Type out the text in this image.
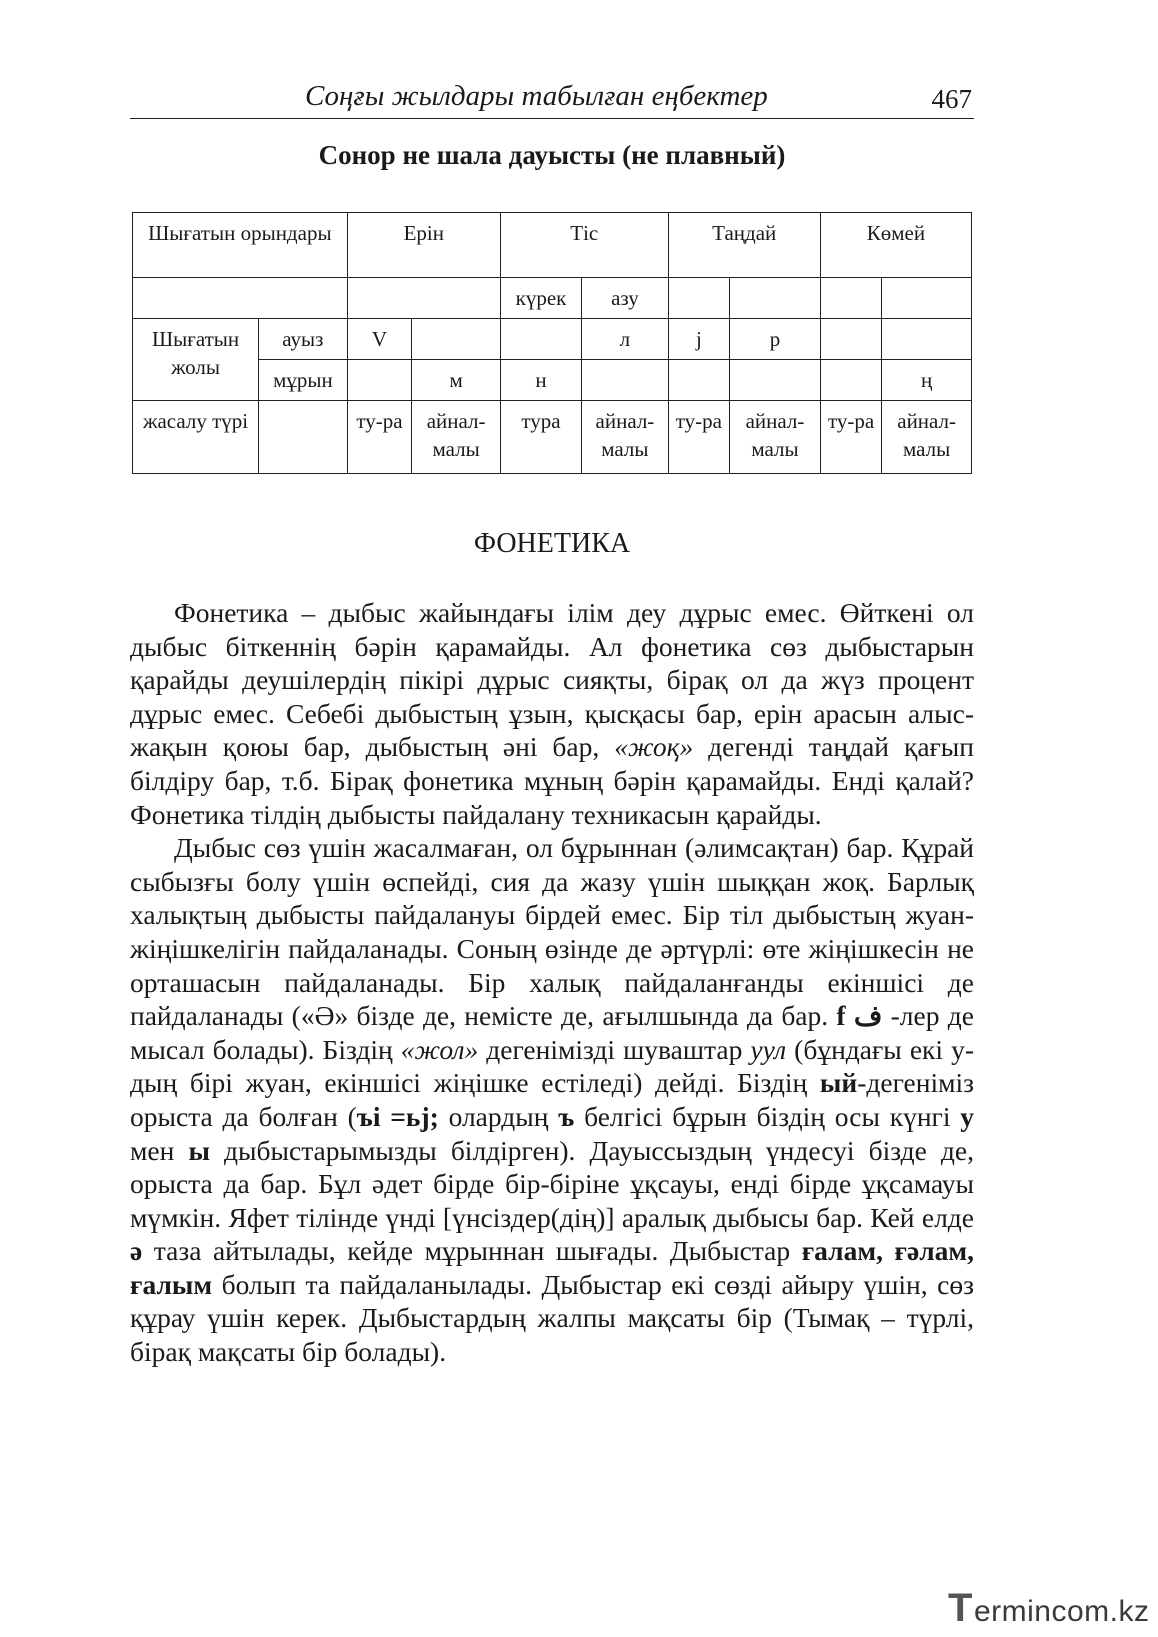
Соңғы жылдары табылған еңбектер	467
Сонор не шала дауысты (не плавный)
Шығатын орындары		Ерін		Тіс		Таңдай		Көмей	
				күрек	азу				
Шығатын жолы	ауыз	V			л	j	р		
	мұрын		м	н					ң
жасалу түрі		ту-ра	айнал-малы	тура	айнал-малы	ту-ра	айнал-малы	ту-ра	айнал-малы
ФОНЕТИКА

Фонетика – дыбыс жайындағы ілім деу дұрыс емес. Өйткені ол дыбыс біткеннің бәрін қарамайды. Ал фонетика сөз дыбыстарын қарайды деушілердің пікірі дұрыс сияқты, бірақ ол да жүз процент дұрыс емес. Себебі дыбыстың ұзын, қысқасы бар, ерін арасын алыс-жақын қоюы бар, дыбыстың әні бар, «жоқ» дегенді таңдай қағып білдіру бар, т.б. Бірақ фонетика мұның бәрін қарамайды. Енді қалай? Фонетика тілдің дыбысты пайдалану техникасын қарайды.

Дыбыс сөз үшін жасалмаған, ол бұрыннан (әлимсақтан) бар. Құрай сыбызғы болу үшін өспейді, сия да жазу үшін шыққан жоқ. Барлық халықтың дыбысты пайдалануы бірдей емес. Бір тіл дыбыстың жуан-жіңішкелігін пайдаланады. Соның өзінде де әртүрлі: өте жіңішкесін не орташасын пайдаланады. Бір халық пайдаланғанды екіншісі де пайдаланады («Ә» бізде де, немісте де, ағылшында да бар. f ف -лер де мысал болады). Біздің «жол» дегенімізді шуваштар уул (бұндағы екі у-дың бірі жуан, екіншісі жіңішке естіледі) дейді. Біздің ый-дегеніміз орыста да болған (ъі =ьј; олардың ъ белгісі бұрын біздің осы күнгі у мен ы дыбыстарымызды білдірген). Дауыссыздың үндесуі бізде де, орыста да бар. Бұл әдет бірде бір-біріне ұқсауы, енді бірде ұқсамауы мүмкін. Яфет тілінде үнді [үнсіздер(дің)] аралық дыбысы бар. Кей елде ә таза айтылады, кейде мұрыннан шығады. Дыбыстар ғалам, ғәлам, ғалым болып та пайдаланылады. Дыбыстар екі сөзді айыру үшін, сөз құрау үшін керек. Дыбыстардың жалпы мақсаты бір (Тымақ – түрлі, бірақ мақсаты бір болады).

Termincom.kz
